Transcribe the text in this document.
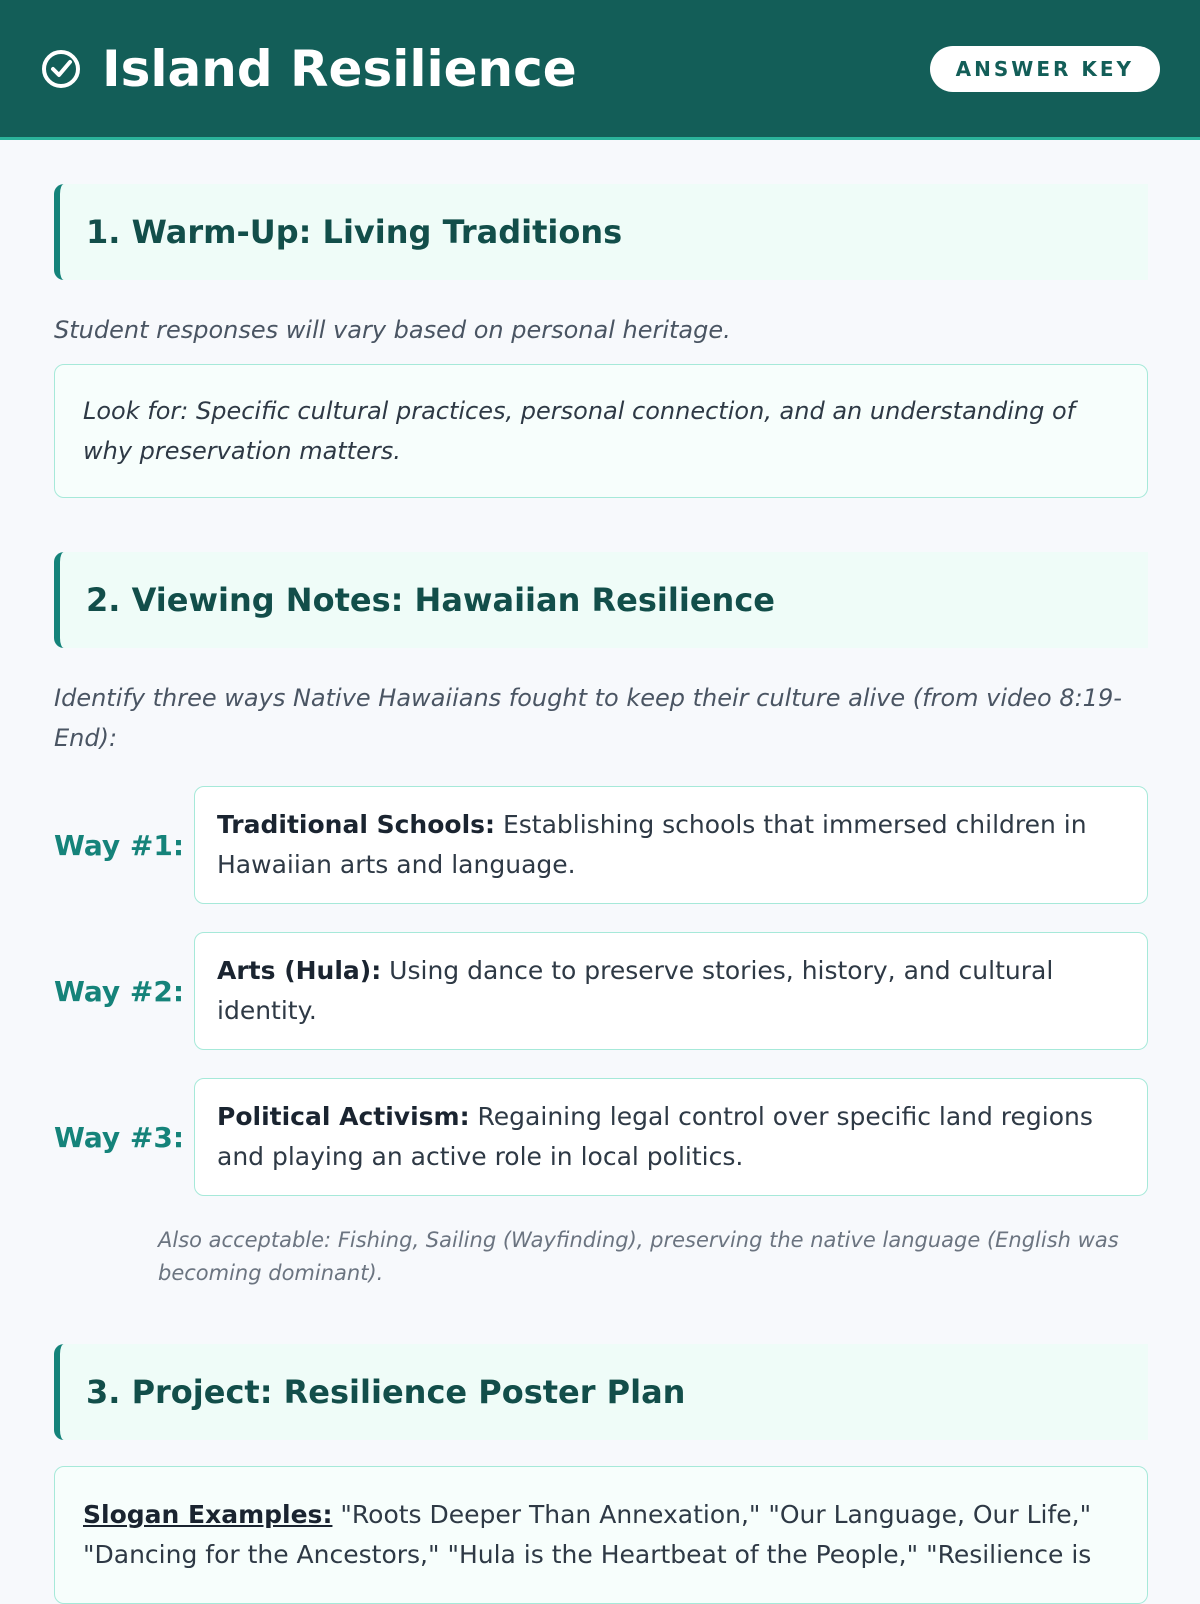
Island Resilience	ANSWER KEY
1. Warm-Up: Living Traditions
Student responses will vary based on personal heritage.
Look for: Specific cultural practices, personal connection, and an understanding of why preservation matters.
2. Viewing Notes: Hawaiian Resilience
Identify three ways Native Hawaiians fought to keep their culture alive (from video 8:19-End):
Way #1:
Traditional Schools: Establishing schools that immersed children in Hawaiian arts and language.
Way #2:
Arts (Hula): Using dance to preserve stories, history, and cultural identity.
Way #3:
Political Activism: Regaining legal control over specific land regions and playing an active role in local politics.
Also acceptable: Fishing, Sailing (Wayfinding), preserving the native language (English was becoming dominant).
3. Project: Resilience Poster Plan
Slogan Examples: "Roots Deeper Than Annexation," "Our Language, Our Life," "Dancing for the Ancestors," "Hula is the Heartbeat of the People," "Resilience is
